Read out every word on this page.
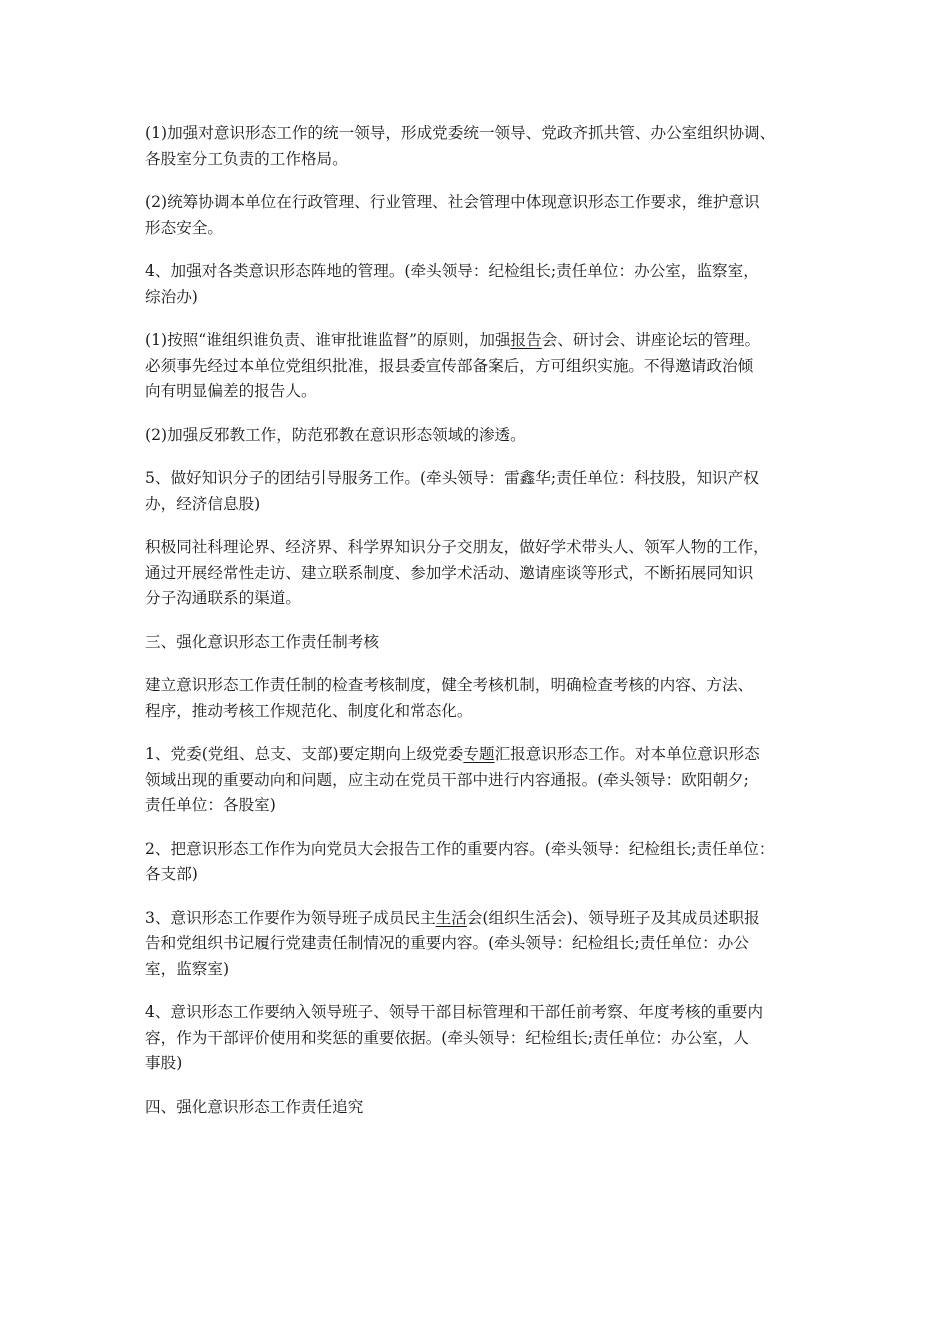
(1)加强对意识形态工作的统一领导，形成党委统一领导、党政齐抓共管、办公室组织协调、
各股室分工负责的工作格局。
(2)统筹协调本单位在行政管理、行业管理、社会管理中体现意识形态工作要求，维护意识
形态安全。
4、加强对各类意识形态阵地的管理。(牵头领导：纪检组长;责任单位：办公室，监察室，
综治办)
(1)按照“谁组织谁负责、谁审批谁监督”的原则，加强报告会、研讨会、讲座论坛的管理。
必须事先经过本单位党组织批准，报县委宣传部备案后，方可组织实施。不得邀请政治倾
向有明显偏差的报告人。
(2)加强反邪教工作，防范邪教在意识形态领域的渗透。
5、做好知识分子的团结引导服务工作。(牵头领导：雷鑫华;责任单位：科技股，知识产权
办，经济信息股)
积极同社科理论界、经济界、科学界知识分子交朋友，做好学术带头人、领军人物的工作，
通过开展经常性走访、建立联系制度、参加学术活动、邀请座谈等形式，不断拓展同知识
分子沟通联系的渠道。
三、强化意识形态工作责任制考核
建立意识形态工作责任制的检查考核制度，健全考核机制，明确检查考核的内容、方法、
程序，推动考核工作规范化、制度化和常态化。
1、党委(党组、总支、支部)要定期向上级党委专题汇报意识形态工作。对本单位意识形态
领域出现的重要动向和问题，应主动在党员干部中进行内容通报。(牵头领导：欧阳朝夕;
责任单位：各股室)
2、把意识形态工作作为向党员大会报告工作的重要内容。(牵头领导：纪检组长;责任单位：
各支部)
3、意识形态工作要作为领导班子成员民主生活会(组织生活会)、领导班子及其成员述职报
告和党组织书记履行党建责任制情况的重要内容。(牵头领导：纪检组长;责任单位：办公
室，监察室)
4、意识形态工作要纳入领导班子、领导干部目标管理和干部任前考察、年度考核的重要内
容，作为干部评价使用和奖惩的重要依据。(牵头领导：纪检组长;责任单位：办公室，人
事股)
四、强化意识形态工作责任追究
